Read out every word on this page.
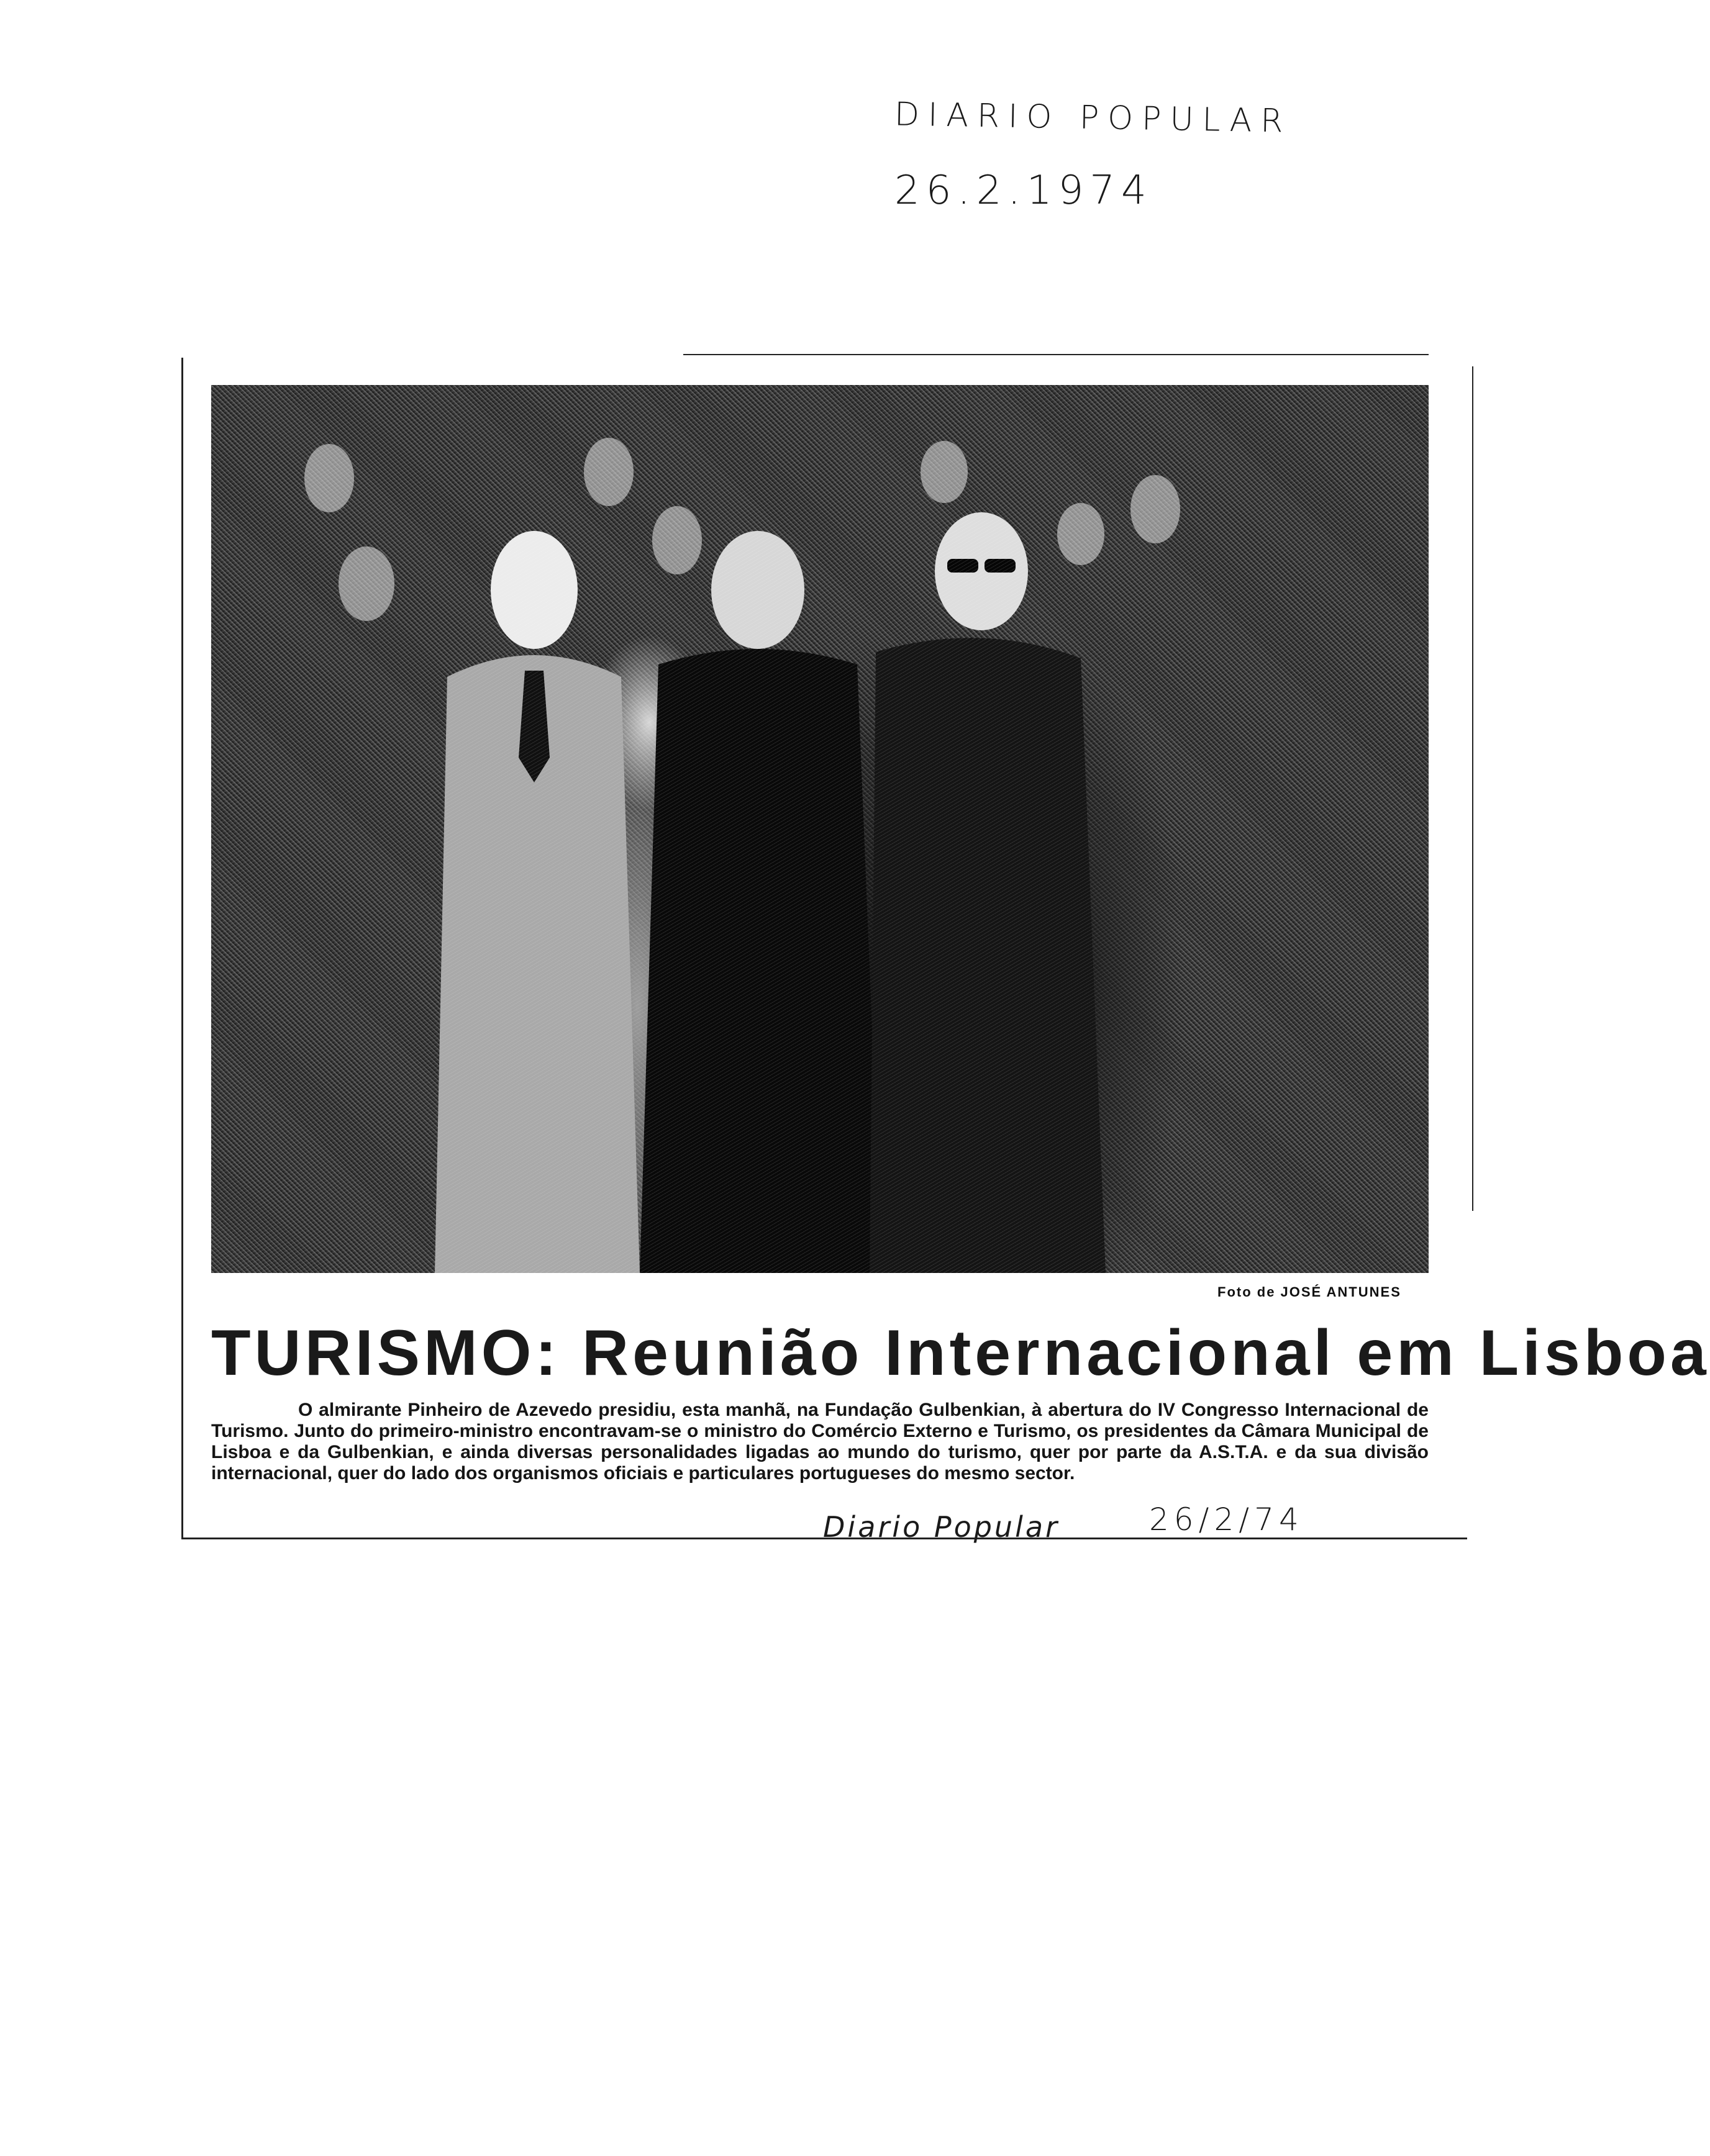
DIARIO POPULAR
26.2.1974
Foto de JOSÉ ANTUNES
TURISMO: Reunião Internacional em Lisboa
O almirante Pinheiro de Azevedo presidiu, esta manhã, na Fundação Gulbenkian, à abertura do IV Congresso Internacional de Turismo. Junto do primeiro-ministro encontravam-se o ministro do Comércio Externo e Turismo, os presidentes da Câmara Municipal de Lisboa e da Gulbenkian, e ainda diversas personalidades ligadas ao mundo do turismo, quer por parte da A.S.T.A. e da sua divisão internacional, quer do lado dos organismos oficiais e particulares portugueses do mesmo sector.
Diario Popular	26/2/74
